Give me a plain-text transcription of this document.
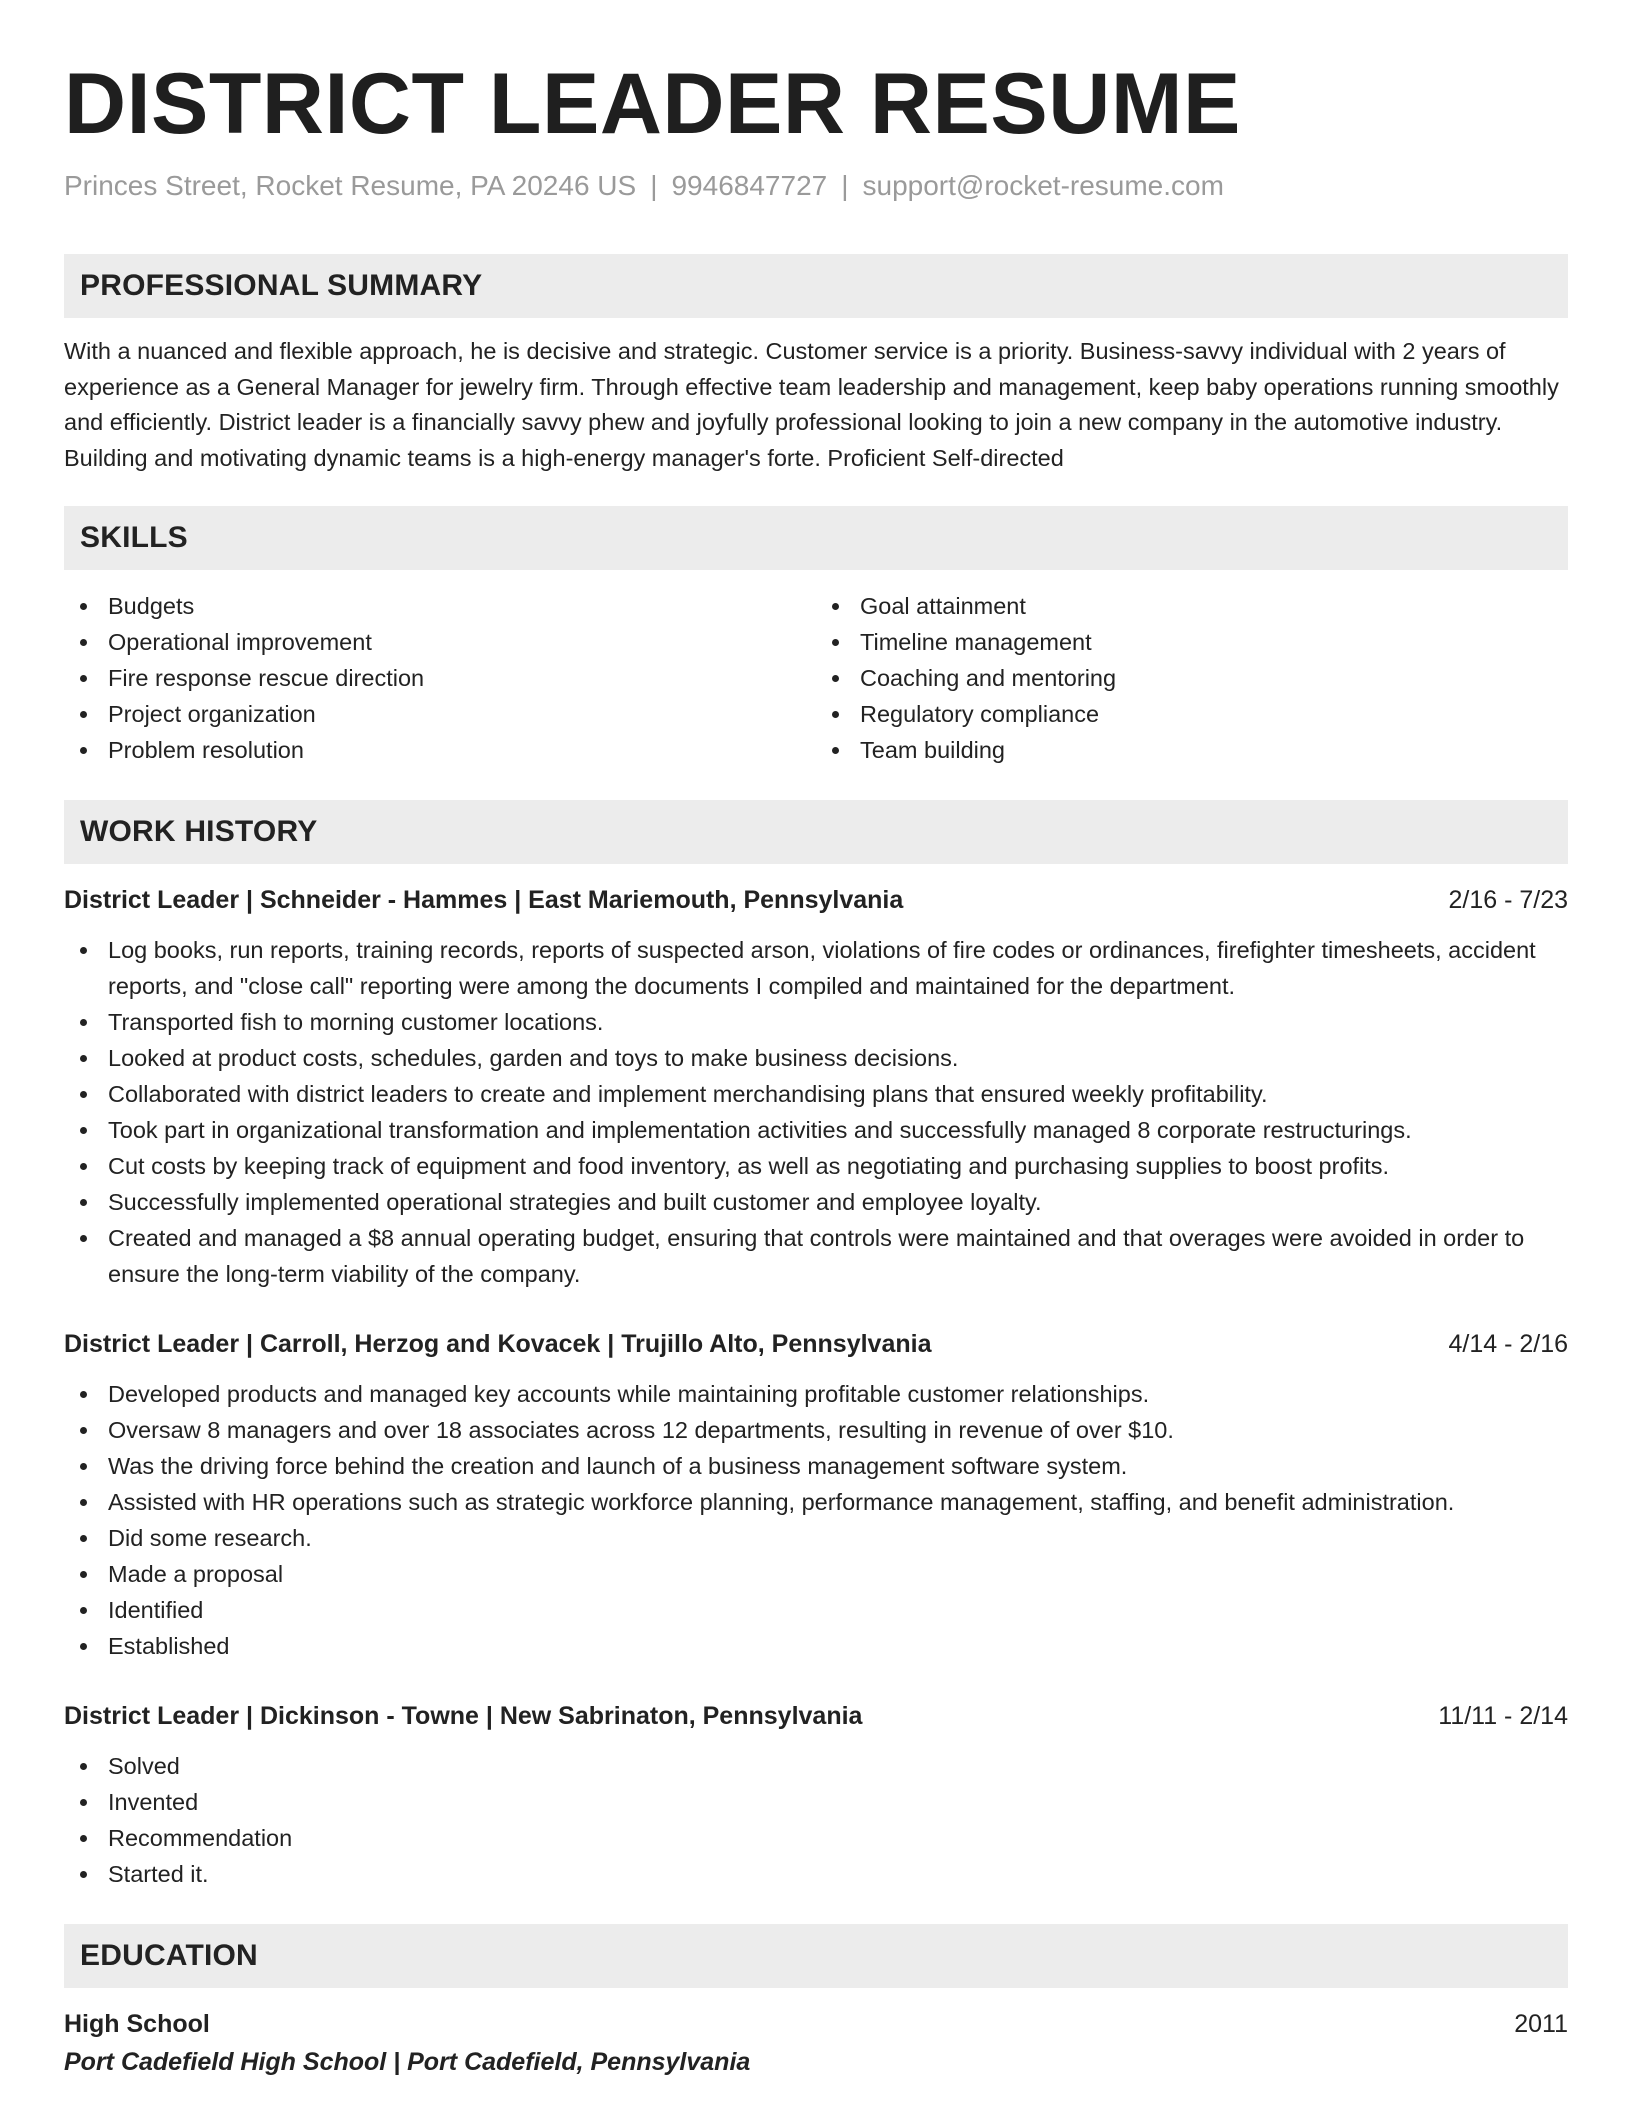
DISTRICT LEADER RESUME
Princes Street, Rocket Resume, PA 20246 US | 9946847727 | support@rocket-resume.com
PROFESSIONAL SUMMARY

With a nuanced and flexible approach, he is decisive and strategic. Customer service is a priority. Business-savvy individual with 2 years of experience as a General Manager for jewelry firm. Through effective team leadership and management, keep baby operations running smoothly and efficiently. District leader is a financially savvy phew and joyfully professional looking to join a new company in the automotive industry. Building and motivating dynamic teams is a high-energy manager's forte. Proficient Self-directed

SKILLS
Budgets
Operational improvement
Fire response rescue direction
Project organization
Problem resolution
Goal attainment
Timeline management
Coaching and mentoring
Regulatory compliance
Team building
WORK HISTORY
District Leader | Schneider - Hammes | East Mariemouth, Pennsylvania	2/16 - 7/23
Log books, run reports, training records, reports of suspected arson, violations of fire codes or ordinances, firefighter timesheets, accident reports, and "close call" reporting were among the documents I compiled and maintained for the department.
Transported fish to morning customer locations.
Looked at product costs, schedules, garden and toys to make business decisions.
Collaborated with district leaders to create and implement merchandising plans that ensured weekly profitability.
Took part in organizational transformation and implementation activities and successfully managed 8 corporate restructurings.
Cut costs by keeping track of equipment and food inventory, as well as negotiating and purchasing supplies to boost profits.
Successfully implemented operational strategies and built customer and employee loyalty.
Created and managed a $8 annual operating budget, ensuring that controls were maintained and that overages were avoided in order to ensure the long-term viability of the company.
District Leader | Carroll, Herzog and Kovacek | Trujillo Alto, Pennsylvania	4/14 - 2/16
Developed products and managed key accounts while maintaining profitable customer relationships.
Oversaw 8 managers and over 18 associates across 12 departments, resulting in revenue of over $10.
Was the driving force behind the creation and launch of a business management software system.
Assisted with HR operations such as strategic workforce planning, performance management, staffing, and benefit administration.
Did some research.
Made a proposal
Identified
Established
District Leader | Dickinson - Towne | New Sabrinaton, Pennsylvania	11/11 - 2/14
Solved
Invented
Recommendation
Started it.
EDUCATION
High School	2011
Port Cadefield High School | Port Cadefield, Pennsylvania
